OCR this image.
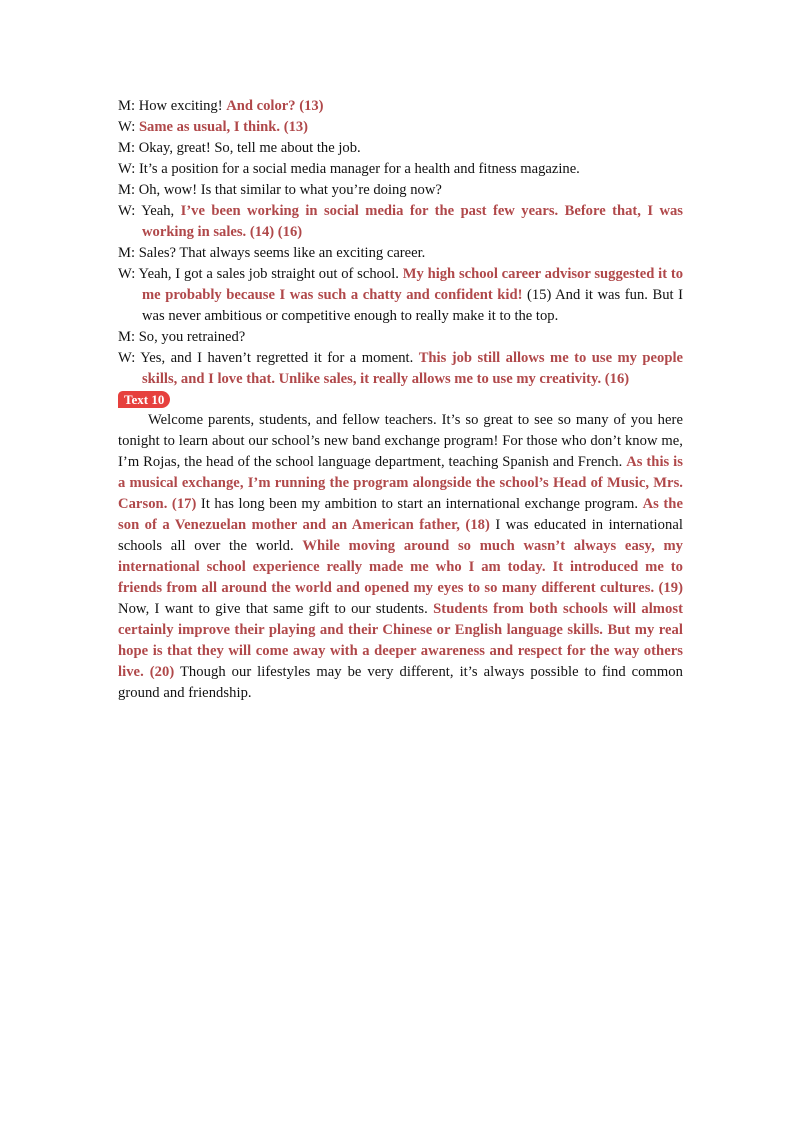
M: How exciting! And color? (13)

W: Same as usual, I think. (13)

M: Okay, great! So, tell me about the job.

W: It’s a position for a social media manager for a health and fitness magazine.

M: Oh, wow! Is that similar to what you’re doing now?

W: Yeah, I’ve been working in social media for the past few years. Before that, I was working in sales. (14) (16)

M: Sales? That always seems like an exciting career.

W: Yeah, I got a sales job straight out of school. My high school career advisor suggested it to me probably because I was such a chatty and confident kid! (15) And it was fun. But I was never ambitious or competitive enough to really make it to the top.

M: So, you retrained?

W: Yes, and I haven’t regretted it for a moment. This job still allows me to use my people skills, and I love that. Unlike sales, it really allows me to use my creativity. (16)

Text 10

Welcome parents, students, and fellow teachers. It’s so great to see so many of you here tonight to learn about our school’s new band exchange program! For those who don’t know me, I’m Rojas, the head of the school language department, teaching Spanish and French. As this is a musical exchange, I’m running the program alongside the school’s Head of Music, Mrs. Carson. (17) It has long been my ambition to start an international exchange program. As the son of a Venezuelan mother and an American father, (18) I was educated in international schools all over the world. While moving around so much wasn’t always easy, my international school experience really made me who I am today. It introduced me to friends from all around the world and opened my eyes to so many different cultures. (19) Now, I want to give that same gift to our students. Students from both schools will almost certainly improve their playing and their Chinese or English language skills. But my real hope is that they will come away with a deeper awareness and respect for the way others live. (20) Though our lifestyles may be very different, it’s always possible to find common ground and friendship.
